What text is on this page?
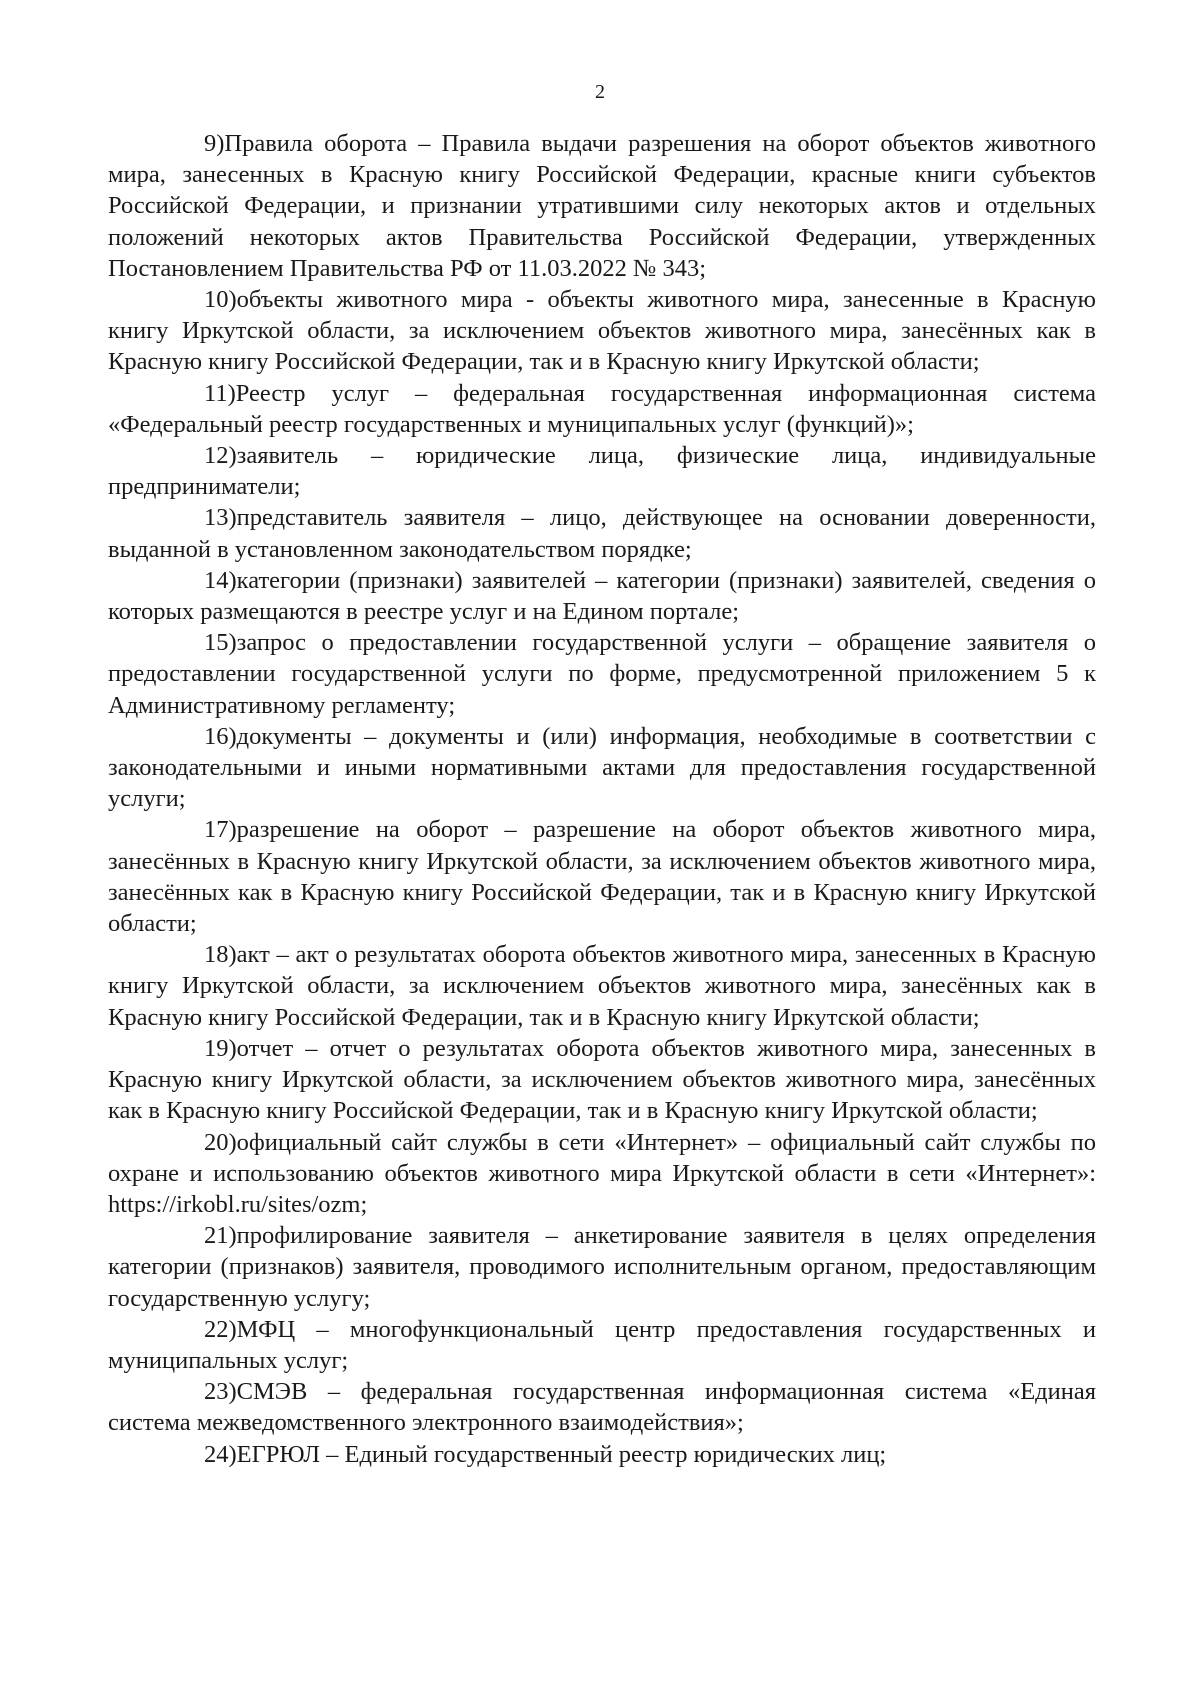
2

9)Правила оборота – Правила выдачи разрешения на оборот объектов животного мира, занесенных в Красную книгу Российской Федерации, красные книги субъектов Российской Федерации, и признании утратившими силу некоторых актов и отдельных положений некоторых актов Правительства Российской Федерации, утвержденных Постановлением Правительства РФ от 11.03.2022 № 343;

10)объекты животного мира - объекты животного мира, занесенные в Красную книгу Иркутской области, за исключением объектов животного мира, занесённых как в Красную книгу Российской Федерации, так и в Красную книгу Иркутской области;

11)Реестр услуг – федеральная государственная информационная система «Федеральный реестр государственных и муниципальных услуг (функций)»;

12)заявитель – юридические лица, физические лица, индивидуальные предприниматели;

13)представитель заявителя – лицо, действующее на основании доверенности, выданной в установленном законодательством порядке;

14)категории (признаки) заявителей – категории (признаки) заявителей, сведения о которых размещаются в реестре услуг и на Едином портале;

15)запрос о предоставлении государственной услуги – обращение заявителя о предоставлении государственной услуги по форме, предусмотренной приложением 5 к Административному регламенту;

16)документы – документы и (или) информация, необходимые в соответствии с законодательными и иными нормативными актами для предоставления государственной услуги;

17)разрешение на оборот – разрешение на оборот объектов животного мира, занесённых в Красную книгу Иркутской области, за исключением объектов животного мира, занесённых как в Красную книгу Российской Федерации, так и в Красную книгу Иркутской области;

18)акт – акт о результатах оборота объектов животного мира, занесенных в Красную книгу Иркутской области, за исключением объектов животного мира, занесённых как в Красную книгу Российской Федерации, так и в Красную книгу Иркутской области;

19)отчет – отчет о результатах оборота объектов животного мира, занесенных в Красную книгу Иркутской области, за исключением объектов животного мира, занесённых как в Красную книгу Российской Федерации, так и в Красную книгу Иркутской области;

20)официальный сайт службы в сети «Интернет» – официальный сайт службы по охране и использованию объектов животного мира Иркутской области в сети «Интернет»: https://irkobl.ru/sites/ozm;

21)профилирование заявителя – анкетирование заявителя в целях определения категории (признаков) заявителя, проводимого исполнительным органом, предоставляющим государственную услугу;

22)МФЦ – многофункциональный центр предоставления государственных и муниципальных услуг;

23)СМЭВ – федеральная государственная информационная система «Единая система межведомственного электронного взаимодействия»;

24)ЕГРЮЛ – Единый государственный реестр юридических лиц;
